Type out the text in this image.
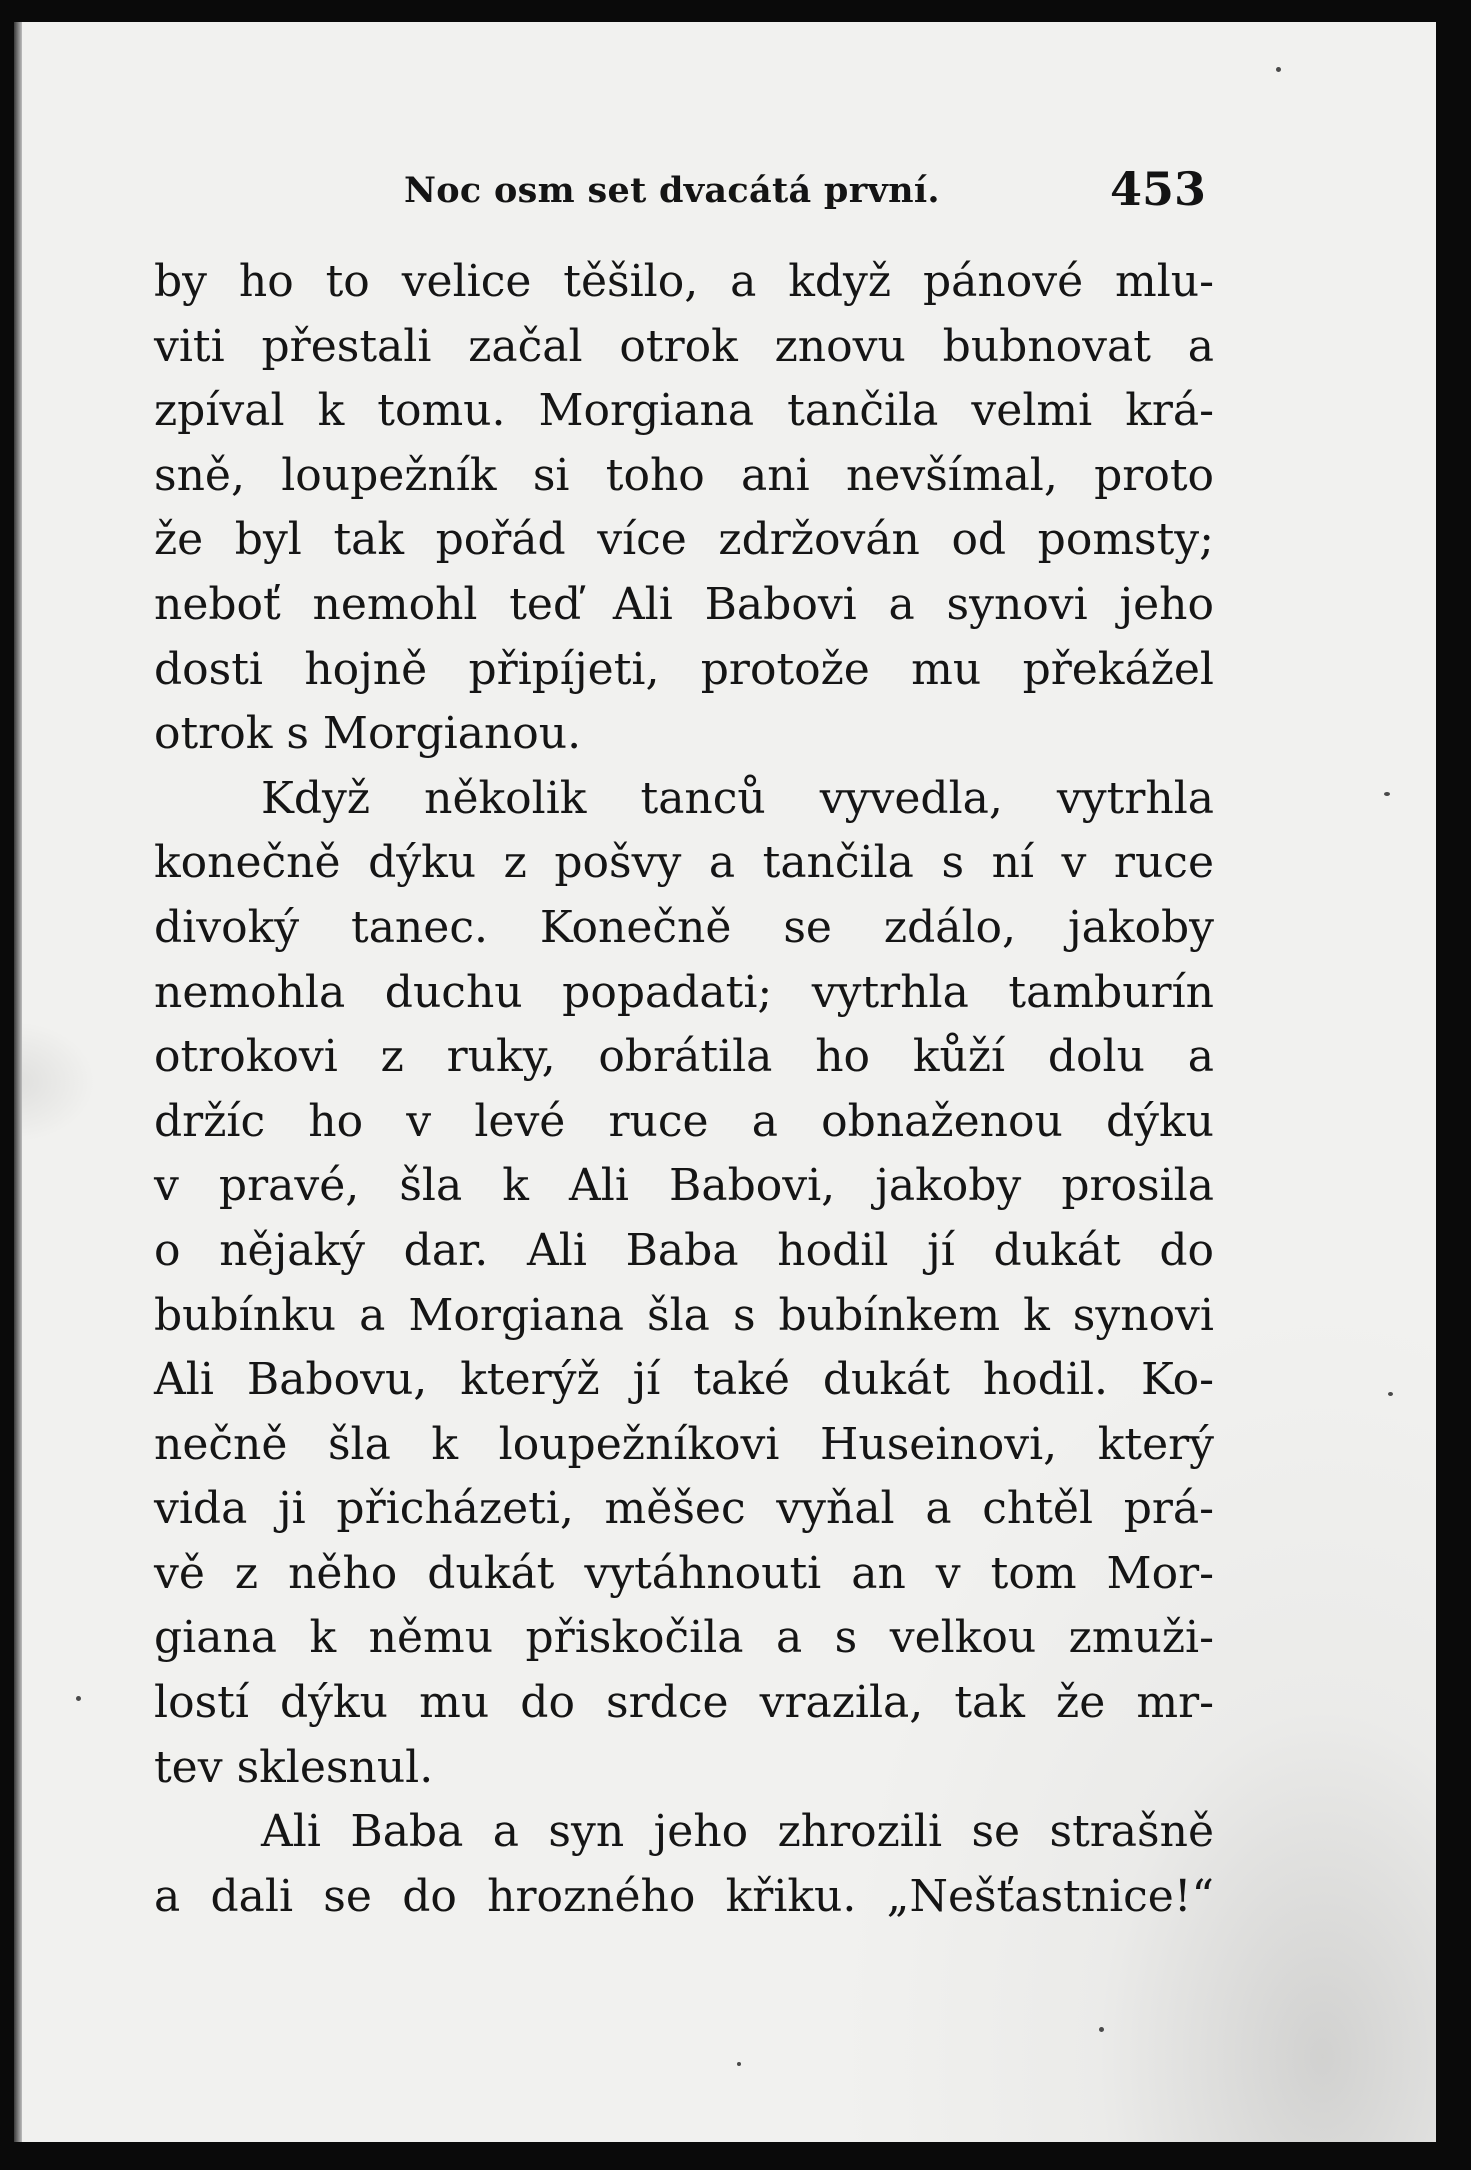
Noc osm set dvacátá první.	453
by ho to velice těšilo, a když pánové mlu-
viti přestali začal otrok znovu bubnovat a
zpíval k tomu. Morgiana tančila velmi krá-
sně, loupežník si toho ani nevšímal, proto
že byl tak pořád více zdržován od pomsty;
neboť nemohl teď Ali Babovi a synovi jeho
dosti hojně připíjeti, protože mu překážel
otrok s Morgianou.
Když několik tanců vyvedla, vytrhla
konečně dýku z pošvy a tančila s ní v ruce
divoký tanec. Konečně se zdálo, jakoby
nemohla duchu popadati; vytrhla tamburín
otrokovi z ruky, obrátila ho kůží dolu a
držíc ho v levé ruce a obnaženou dýku
v pravé, šla k Ali Babovi, jakoby prosila
o nějaký dar. Ali Baba hodil jí dukát do
bubínku a Morgiana šla s bubínkem k synovi
Ali Babovu, kterýž jí také dukát hodil. Ko-
nečně šla k loupežníkovi Huseinovi, který
vida ji přicházeti, měšec vyňal a chtěl prá-
vě z něho dukát vytáhnouti an v tom Mor-
giana k němu přiskočila a s velkou zmuži-
lostí dýku mu do srdce vrazila, tak že mr-
tev sklesnul.
Ali Baba a syn jeho zhrozili se strašně
a dali se do hrozného křiku. „Nešťastnice!“
